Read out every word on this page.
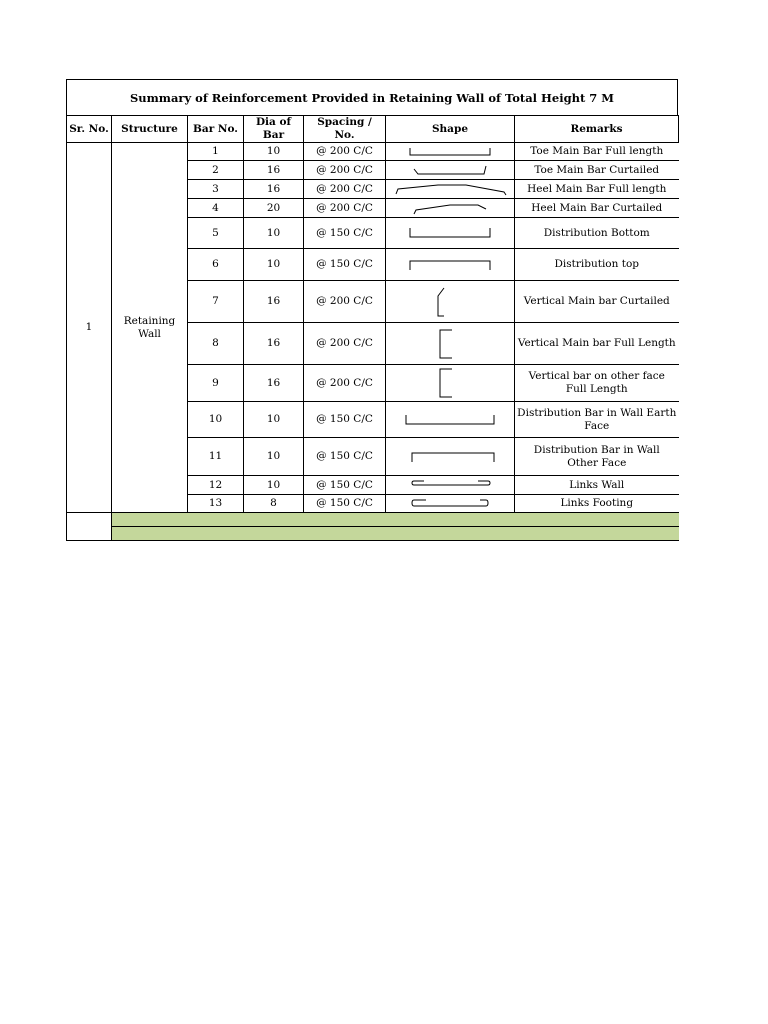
Summary of Reinforcement Provided in Retaining Wall of Total Height 7 M
Sr. No.	Structure	Bar No.	Dia of Bar	Spacing / No.	Shape	Remarks
1	Retaining Wall	1	10	@ 200 C/C		Toe Main Bar Full length
		2	16	@ 200 C/C		Toe Main Bar Curtailed
		3	16	@ 200 C/C		Heel Main Bar Full length
		4	20	@ 200 C/C		Heel Main Bar Curtailed
		5	10	@ 150 C/C		Distribution Bottom
		6	10	@ 150 C/C		Distribution top
		7	16	@ 200 C/C		Vertical Main bar Curtailed
		8	16	@ 200 C/C		Vertical Main bar Full Length
		9	16	@ 200 C/C		Vertical bar on other face Full Length
		10	10	@ 150 C/C		Distribution Bar in Wall Earth Face
		11	10	@ 150 C/C		Distribution Bar in Wall Other Face
		12	10	@ 150 C/C		Links Wall
		13	8	@ 150 C/C		Links Footing
